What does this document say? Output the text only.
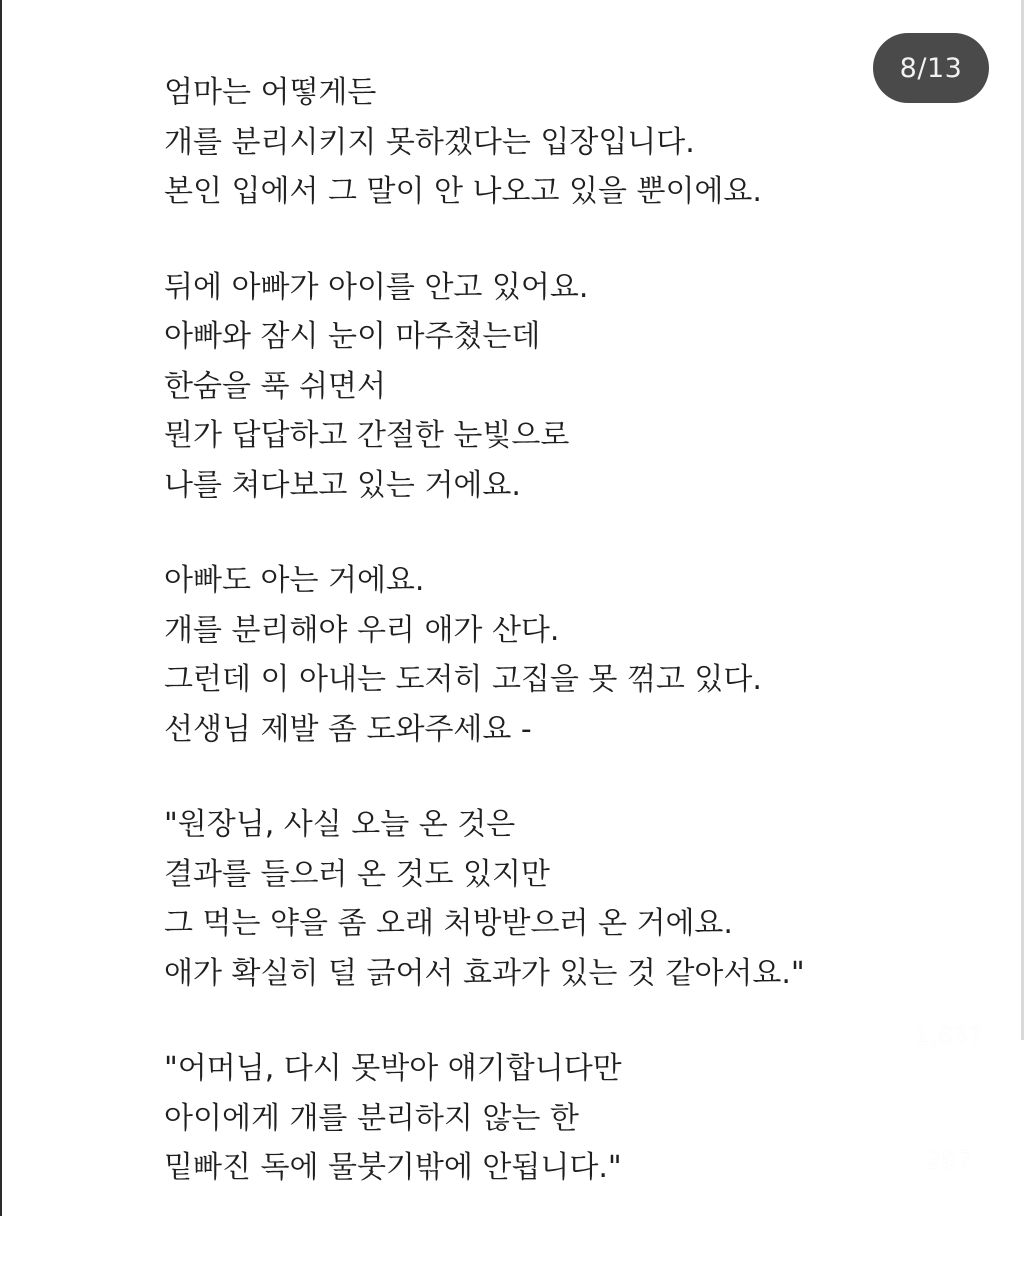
8/13
엄마는 어떻게든
개를 분리시키지 못하겠다는 입장입니다.
본인 입에서 그 말이 안 나오고 있을 뿐이에요.
뒤에 아빠가 아이를 안고 있어요.
아빠와 잠시 눈이 마주쳤는데
한숨을 푹 쉬면서
뭔가 답답하고 간절한 눈빛으로
나를 쳐다보고 있는 거에요.
아빠도 아는 거에요.
개를 분리해야 우리 애가 산다.
그런데 이 아내는 도저히 고집을 못 꺾고 있다.
선생님 제발 좀 도와주세요 -
"원장님, 사실 오늘 온 것은
결과를 들으러 온 것도 있지만
그 먹는 약을 좀 오래 처방받으러 온 거에요.
애가 확실히 덜 긁어서 효과가 있는 것 같아서요."
"어머님, 다시 못박아 얘기합니다만
아이에게 개를 분리하지 않는 한
밑빠진 독에 물붓기밖에 안됩니다."
1,837
287
